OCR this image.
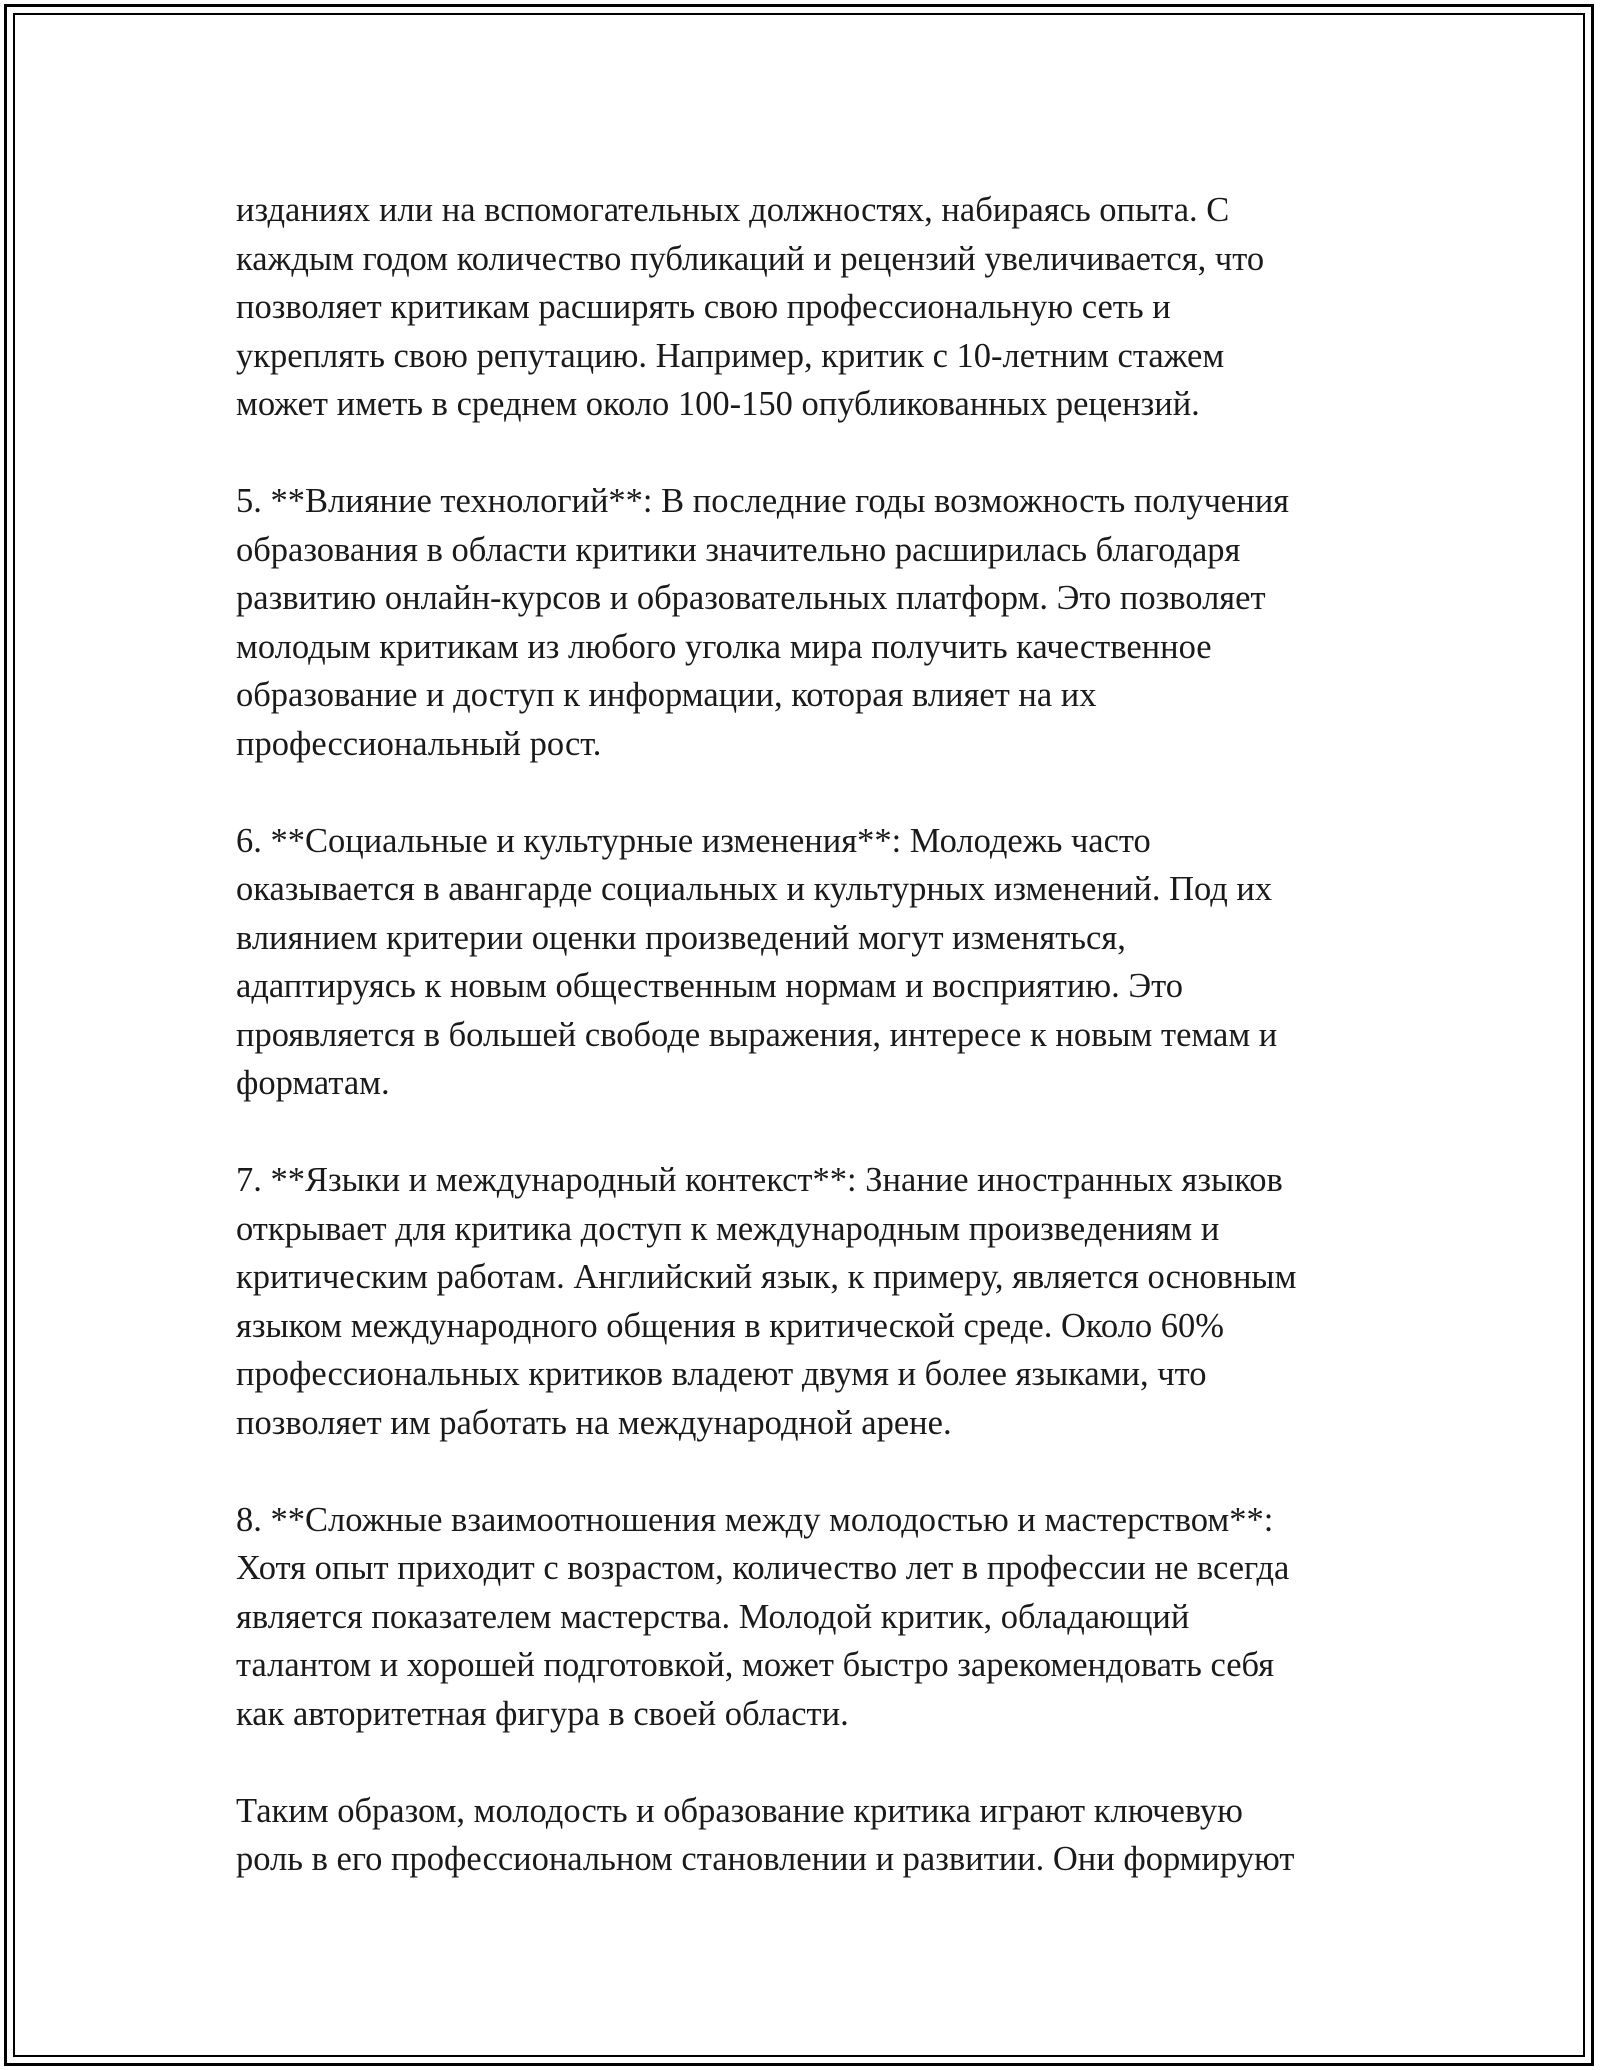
изданиях или на вспомогательных должностях, набираясь опыта. С
каждым годом количество публикаций и рецензий увеличивается, что
позволяет критикам расширять свою профессиональную сеть и
укреплять свою репутацию. Например, критик с 10-летним стажем
может иметь в среднем около 100-150 опубликованных рецензий.

5. **Влияние технологий**: В последние годы возможность получения
образования в области критики значительно расширилась благодаря
развитию онлайн-курсов и образовательных платформ. Это позволяет
молодым критикам из любого уголка мира получить качественное
образование и доступ к информации, которая влияет на их
профессиональный рост.

6. **Социальные и культурные изменения**: Молодежь часто
оказывается в авангарде социальных и культурных изменений. Под их
влиянием критерии оценки произведений могут изменяться,
адаптируясь к новым общественным нормам и восприятию. Это
проявляется в большей свободе выражения, интересе к новым темам и
форматам.

7. **Языки и международный контекст**: Знание иностранных языков
открывает для критика доступ к международным произведениям и
критическим работам. Английский язык, к примеру, является основным
языком международного общения в критической среде. Около 60%
профессиональных критиков владеют двумя и более языками, что
позволяет им работать на международной арене.

8. **Сложные взаимоотношения между молодостью и мастерством**:
Хотя опыт приходит с возрастом, количество лет в профессии не всегда
является показателем мастерства. Молодой критик, обладающий
талантом и хорошей подготовкой, может быстро зарекомендовать себя
как авторитетная фигура в своей области.

Таким образом, молодость и образование критика играют ключевую
роль в его профессиональном становлении и развитии. Они формируют
